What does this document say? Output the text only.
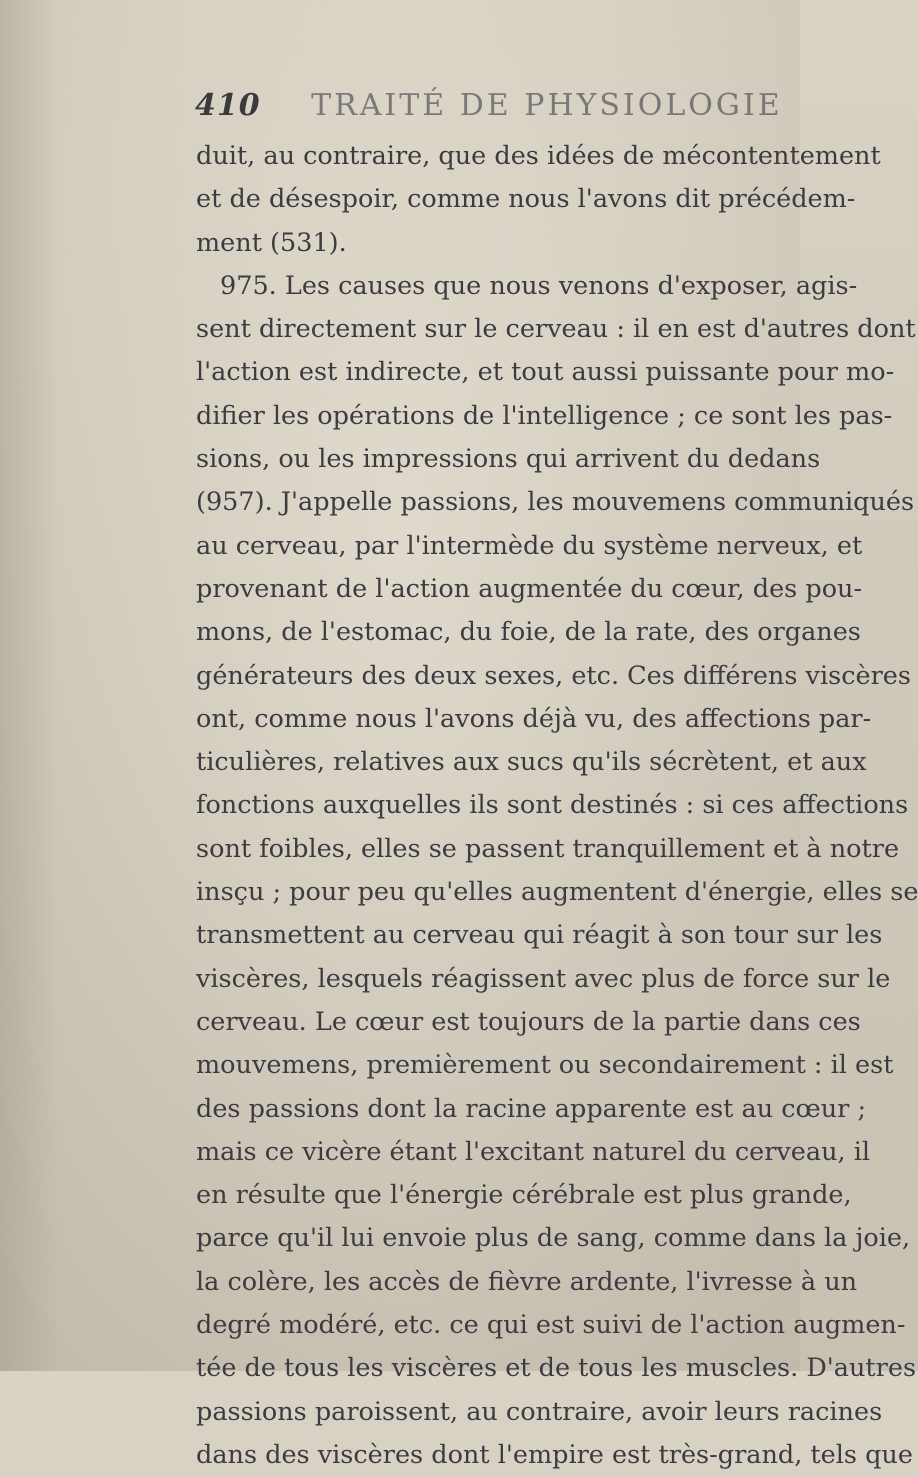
410 TRAITÉ DE PHYSIOLOGIE
duit, au contraire, que des idées de mécontentement
et de désespoir, comme nous l'avons dit précédem-
ment (531).
975. Les causes que nous venons d'exposer, agis-
sent directement sur le cerveau : il en est d'autres dont
l'action est indirecte, et tout aussi puissante pour mo-
difier les opérations de l'intelligence ; ce sont les pas-
sions, ou les impressions qui arrivent du dedans
(957). J'appelle passions, les mouvemens communiqués
au cerveau, par l'intermède du système nerveux, et
provenant de l'action augmentée du cœur, des pou-
mons, de l'estomac, du foie, de la rate, des organes
générateurs des deux sexes, etc. Ces différens viscères
ont, comme nous l'avons déjà vu, des affections par-
ticulières, relatives aux sucs qu'ils sécrètent, et aux
fonctions auxquelles ils sont destinés : si ces affections
sont foibles, elles se passent tranquillement et à notre
insçu ; pour peu qu'elles augmentent d'énergie, elles se
transmettent au cerveau qui réagit à son tour sur les
viscères, lesquels réagissent avec plus de force sur le
cerveau. Le cœur est toujours de la partie dans ces
mouvemens, premièrement ou secondairement : il est
des passions dont la racine apparente est au cœur ;
mais ce vicère étant l'excitant naturel du cerveau, il
en résulte que l'énergie cérébrale est plus grande,
parce qu'il lui envoie plus de sang, comme dans la joie,
la colère, les accès de fièvre ardente, l'ivresse à un
degré modéré, etc. ce qui est suivi de l'action augmen-
tée de tous les viscères et de tous les muscles. D'autres
passions paroissent, au contraire, avoir leurs racines
dans des viscères dont l'empire est très-grand, tels que
